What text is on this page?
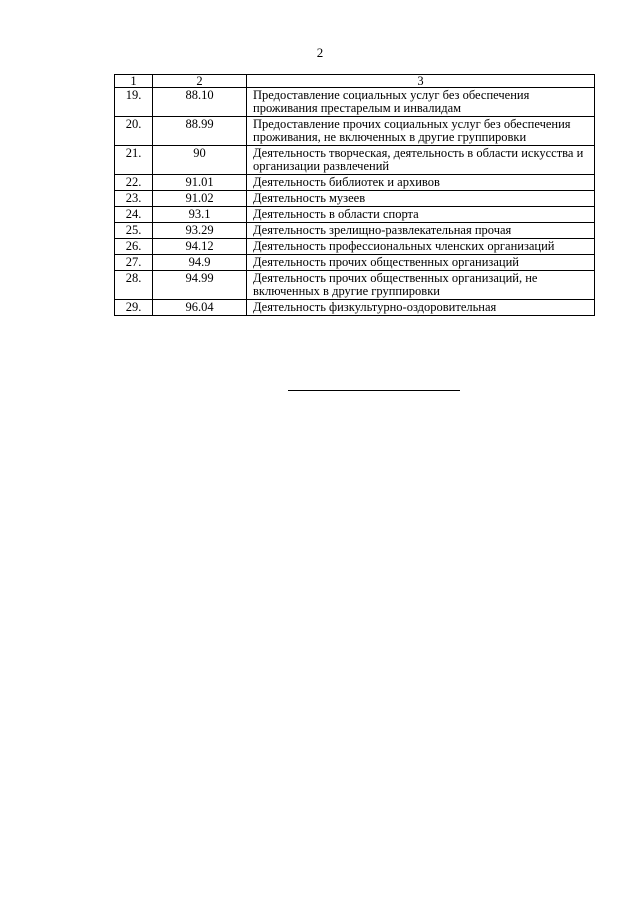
2
1	2	3
19.	88.10	Предоставление социальных услуг без обеспечения проживания престарелым и инвалидам
20.	88.99	Предоставление прочих социальных услуг без обеспечения проживания, не включенных в другие группировки
21.	90	Деятельность творческая, деятельность в области искусства и организации развлечений
22.	91.01	Деятельность библиотек и архивов
23.	91.02	Деятельность музеев
24.	93.1	Деятельность в области спорта
25.	93.29	Деятельность зрелищно-развлекательная прочая
26.	94.12	Деятельность профессиональных членских организаций
27.	94.9	Деятельность прочих общественных организаций
28.	94.99	Деятельность прочих общественных организаций, не включенных в другие группировки
29.	96.04	Деятельность физкультурно-оздоровительная
